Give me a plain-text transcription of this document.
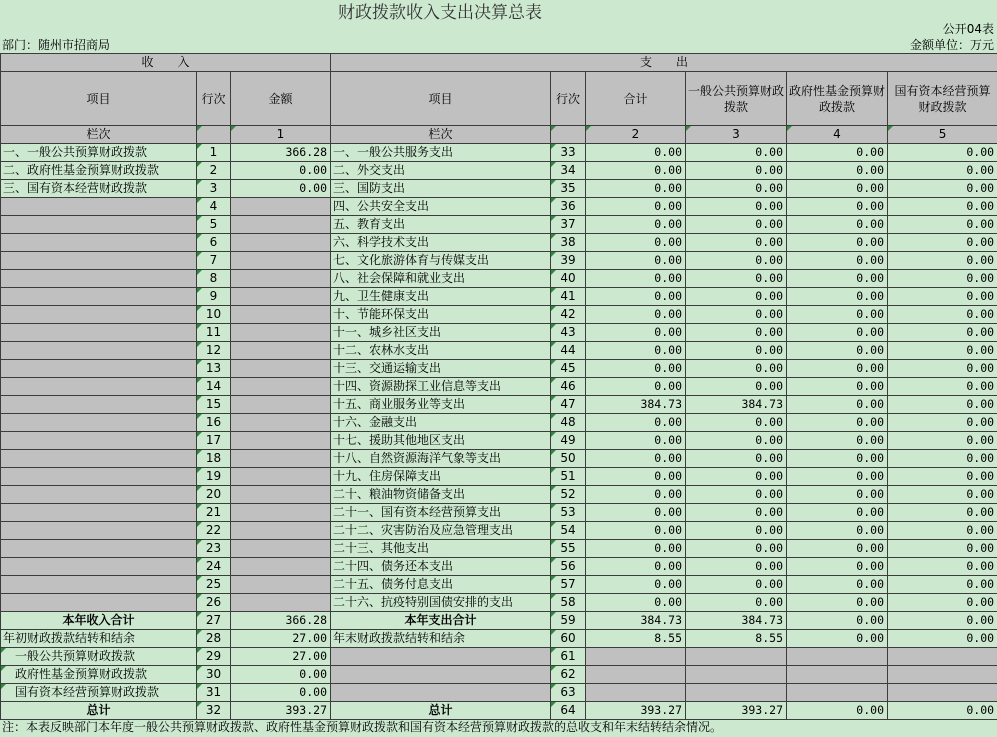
财政拨款收入支出决算总表
公开04表
部门：随州市招商局	金额单位：万元
收　　入			支　　出					
项目	行次	金额	项目	行次	合计	一般公共预算财政拨款	政府性基金预算财政拨款	国有资本经营预算财政拨款
栏次		1	栏次		2	3	4	5
一、一般公共预算财政拨款	1	366.28	一、一般公共服务支出	33	0.00	0.00	0.00	0.00
二、政府性基金预算财政拨款	2	0.00	二、外交支出	34	0.00	0.00	0.00	0.00
三、国有资本经营财政拨款	3	0.00	三、国防支出	35	0.00	0.00	0.00	0.00
	4		四、公共安全支出	36	0.00	0.00	0.00	0.00
	5		五、教育支出	37	0.00	0.00	0.00	0.00
	6		六、科学技术支出	38	0.00	0.00	0.00	0.00
	7		七、文化旅游体育与传媒支出	39	0.00	0.00	0.00	0.00
	8		八、社会保障和就业支出	40	0.00	0.00	0.00	0.00
	9		九、卫生健康支出	41	0.00	0.00	0.00	0.00
	10		十、节能环保支出	42	0.00	0.00	0.00	0.00
	11		十一、城乡社区支出	43	0.00	0.00	0.00	0.00
	12		十二、农林水支出	44	0.00	0.00	0.00	0.00
	13		十三、交通运输支出	45	0.00	0.00	0.00	0.00
	14		十四、资源勘探工业信息等支出	46	0.00	0.00	0.00	0.00
	15		十五、商业服务业等支出	47	384.73	384.73	0.00	0.00
	16		十六、金融支出	48	0.00	0.00	0.00	0.00
	17		十七、援助其他地区支出	49	0.00	0.00	0.00	0.00
	18		十八、自然资源海洋气象等支出	50	0.00	0.00	0.00	0.00
	19		十九、住房保障支出	51	0.00	0.00	0.00	0.00
	20		二十、粮油物资储备支出	52	0.00	0.00	0.00	0.00
	21		二十一、国有资本经营预算支出	53	0.00	0.00	0.00	0.00
	22		二十二、灾害防治及应急管理支出	54	0.00	0.00	0.00	0.00
	23		二十三、其他支出	55	0.00	0.00	0.00	0.00
	24		二十四、债务还本支出	56	0.00	0.00	0.00	0.00
	25		二十五、债务付息支出	57	0.00	0.00	0.00	0.00
	26		二十六、抗疫特别国债安排的支出	58	0.00	0.00	0.00	0.00
本年收入合计	27	366.28	本年支出合计	59	384.73	384.73	0.00	0.00
年初财政拨款结转和结余	28	27.00	年末财政拨款结转和结余	60	8.55	8.55	0.00	0.00
一般公共预算财政拨款	29	27.00		61				
政府性基金预算财政拨款	30	0.00		62				
国有资本经营预算财政拨款	31	0.00		63				
总计	32	393.27	总计	64	393.27	393.27	0.00	0.00
注：本表反映部门本年度一般公共预算财政拨款、政府性基金预算财政拨款和国有资本经营预算财政拨款的总收支和年末结转结余情况。
